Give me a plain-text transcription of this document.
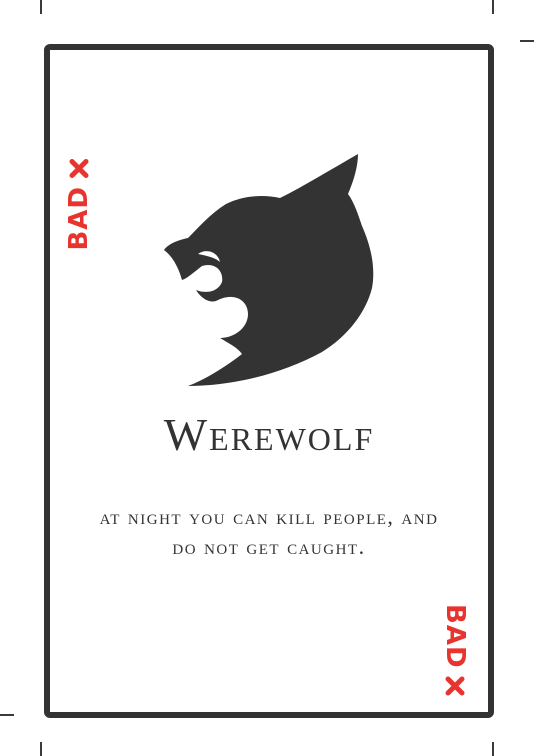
BAD
Werewolf
at night you can kill people, and do not get caught.
BAD
